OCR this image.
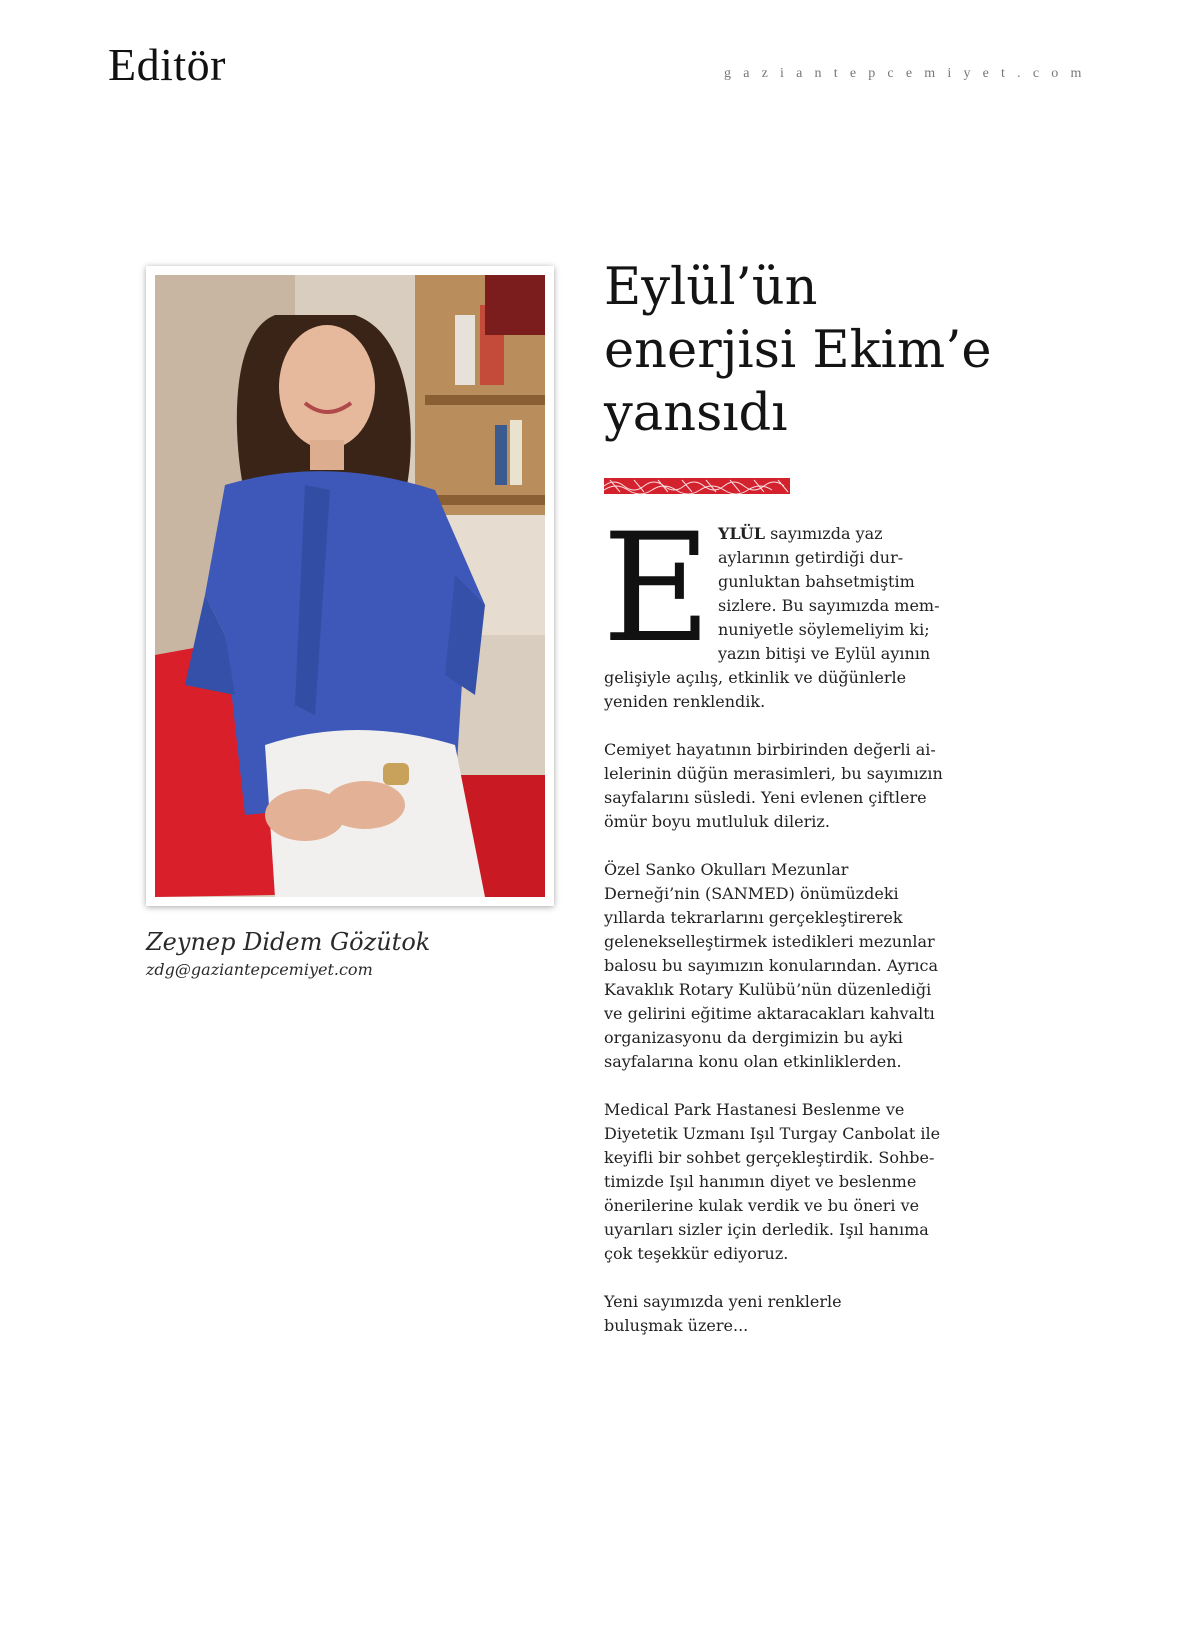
Editör	gaziantepcemiyet.com
Zeynep Didem Gözütok
zdg@gaziantepcemiyet.com
Eylül’ün
enerjisi Ekim’e
yansıdı
E YLÜL sayımızda yaz
aylarının getirdiği dur-
gunluktan bahsetmiştim
sizlere. Bu sayımızda mem-
nuniyetle söylemeliyim ki;
yazın bitişi ve Eylül ayının

gelişiyle açılış, etkinlik ve düğünlerle
yeniden renklendik.

Cemiyet hayatının birbirinden değerli ai-
lelerinin düğün merasimleri, bu sayımızın
sayfalarını süsledi. Yeni evlenen çiftlere
ömür boyu mutluluk dileriz.

Özel Sanko Okulları Mezunlar
Derneği’nin (SANMED) önümüzdeki
yıllarda tekrarlarını gerçekleştirerek
gelenekselleştirmek istedikleri mezunlar
balosu bu sayımızın konularından. Ayrıca
Kavaklık Rotary Kulübü’nün düzenlediği
ve gelirini eğitime aktaracakları kahvaltı
organizasyonu da dergimizin bu ayki
sayfalarına konu olan etkinliklerden.

Medical Park Hastanesi Beslenme ve
Diyetetik Uzmanı Işıl Turgay Canbolat ile
keyifli bir sohbet gerçekleştirdik. Sohbe-
timizde Işıl hanımın diyet ve beslenme
önerilerine kulak verdik ve bu öneri ve
uyarıları sizler için derledik. Işıl hanıma
çok teşekkür ediyoruz.

Yeni sayımızda yeni renklerle
buluşmak üzere...
